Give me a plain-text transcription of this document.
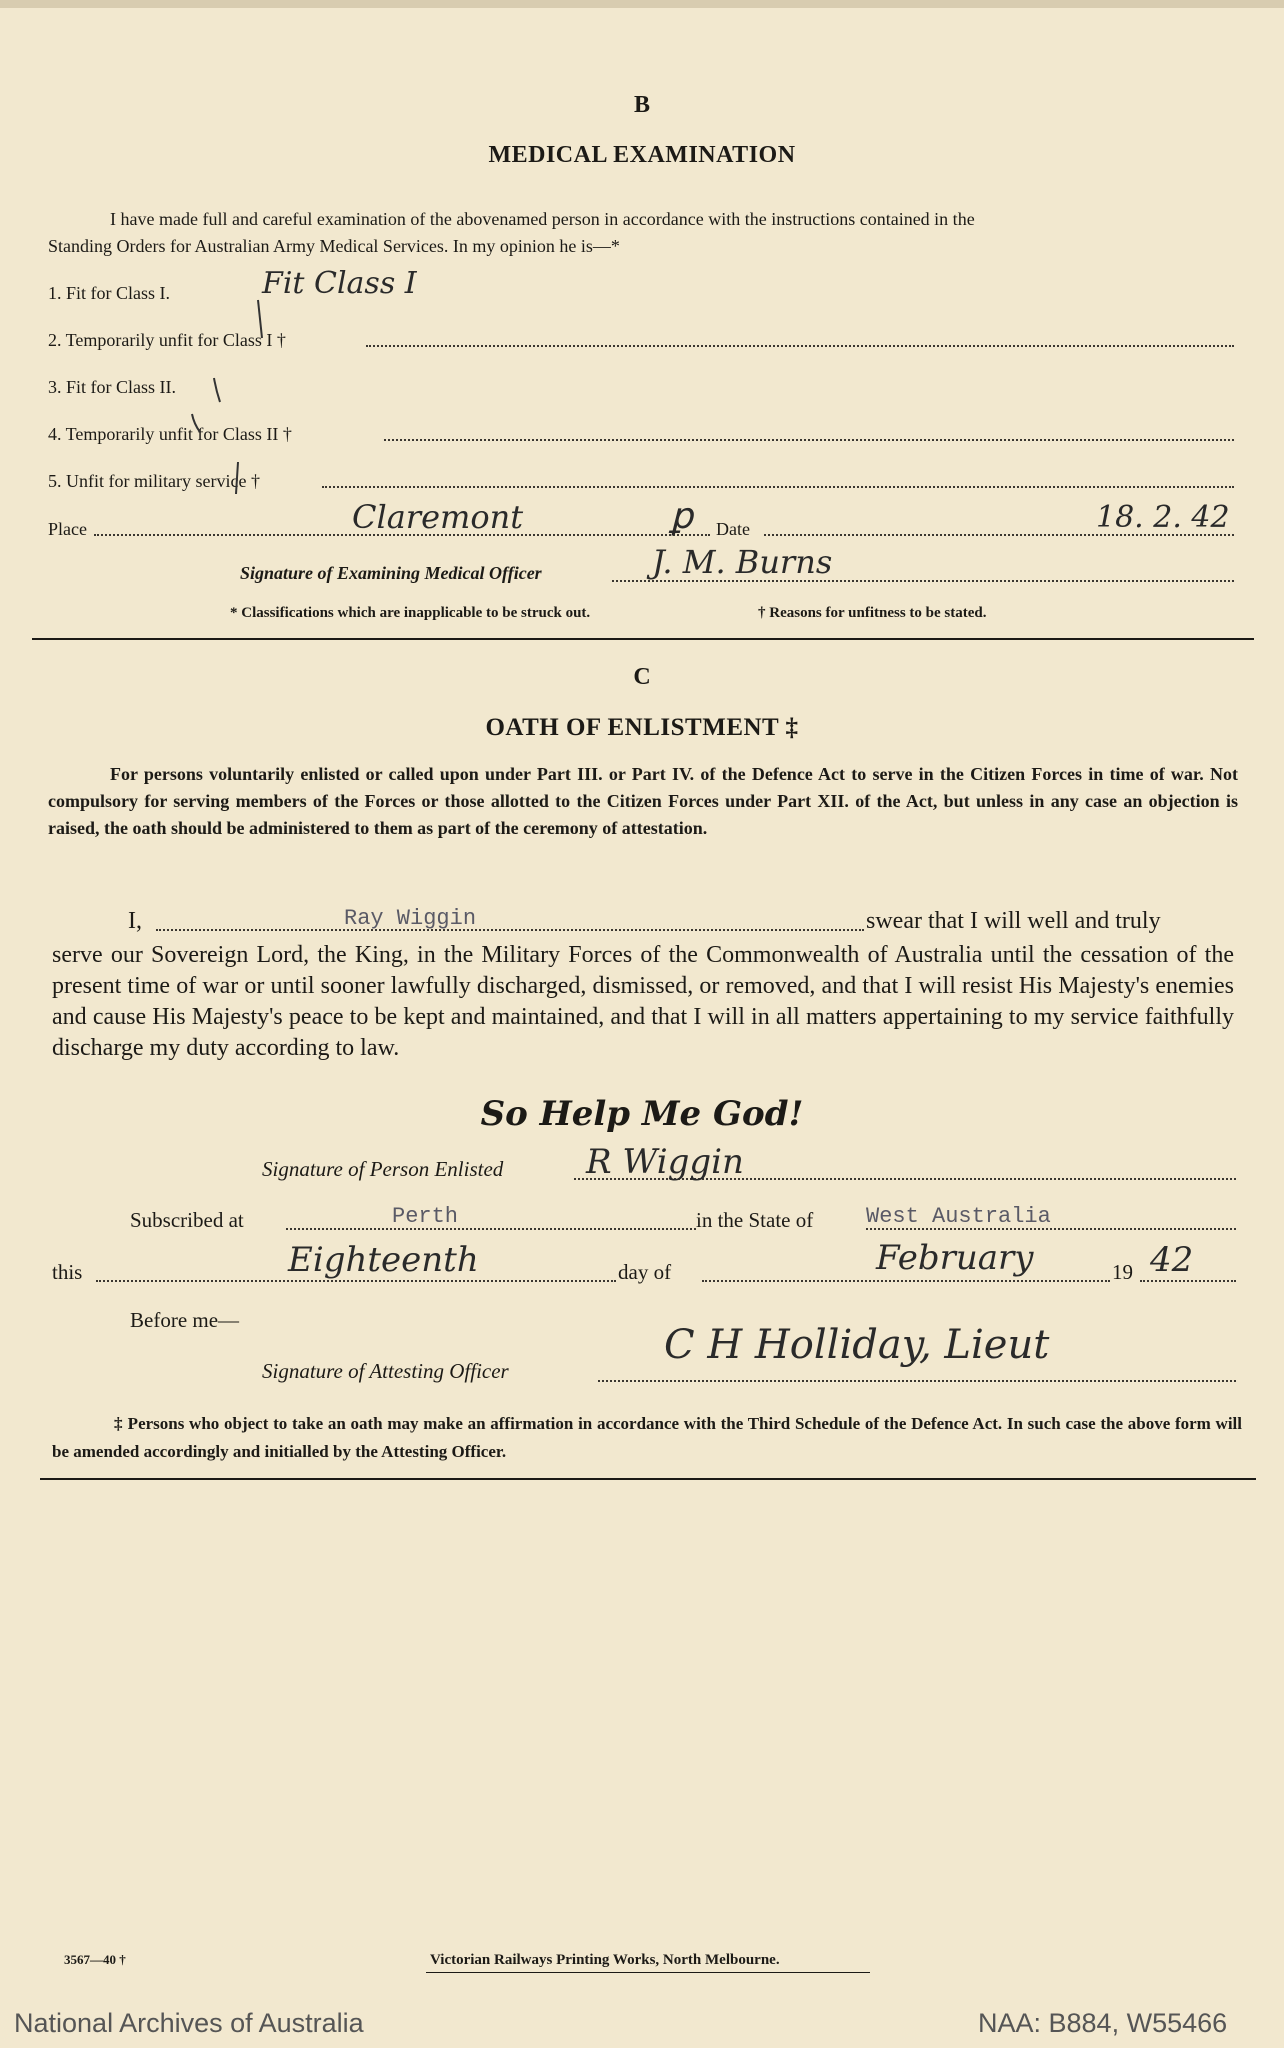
B
MEDICAL EXAMINATION
I have made full and careful examination of the abovenamed person in accordance with the instructions contained in the
Standing Orders for Australian Army Medical Services. In my opinion he is—*
1. Fit for Class I.	Fit Class I
2. Temporarily unfit for Class I †
3. Fit for Class II.
4. Temporarily unfit for Class II †
5. Unfit for military service †
Place	Claremont	ꝑ Date	18. 2. 42
Signature of Examining Medical Officer	J. M. Burns
* Classifications which are inapplicable to be struck out.	† Reasons for unfitness to be stated.
C
OATH OF ENLISTMENT ‡
For persons voluntarily enlisted or called upon under Part III. or Part IV. of the Defence Act to serve in the Citizen Forces in time of war. Not compulsory for serving members of the Forces or those allotted to the Citizen Forces under Part XII. of the Act, but unless in any case an objection is raised, the oath should be administered to them as part of the ceremony of attestation.
I,	Ray Wiggin	swear that I will well and truly
serve our Sovereign Lord, the King, in the Military Forces of the Commonwealth of Australia until the cessation of the present time of war or until sooner lawfully discharged, dismissed, or removed, and that I will resist His Majesty's enemies and cause His Majesty's peace to be kept and maintained, and that I will in all matters appertaining to my service faithfully discharge my duty according to law.
So Help Me God!
Signature of Person Enlisted R Wiggin
Subscribed at	Perth	in the State of West Australia
this	Eighteenth	day of	February	19 42
Before me—
Signature of Attesting Officer
C H Holliday, Lieut
‡ Persons who object to take an oath may make an affirmation in accordance with the Third Schedule of the Defence Act. In such case the above form will be amended accordingly and initialled by the Attesting Officer.
3567—40 †	Victorian Railways Printing Works, North Melbourne.
National Archives of Australia	NAA: B884, W55466
